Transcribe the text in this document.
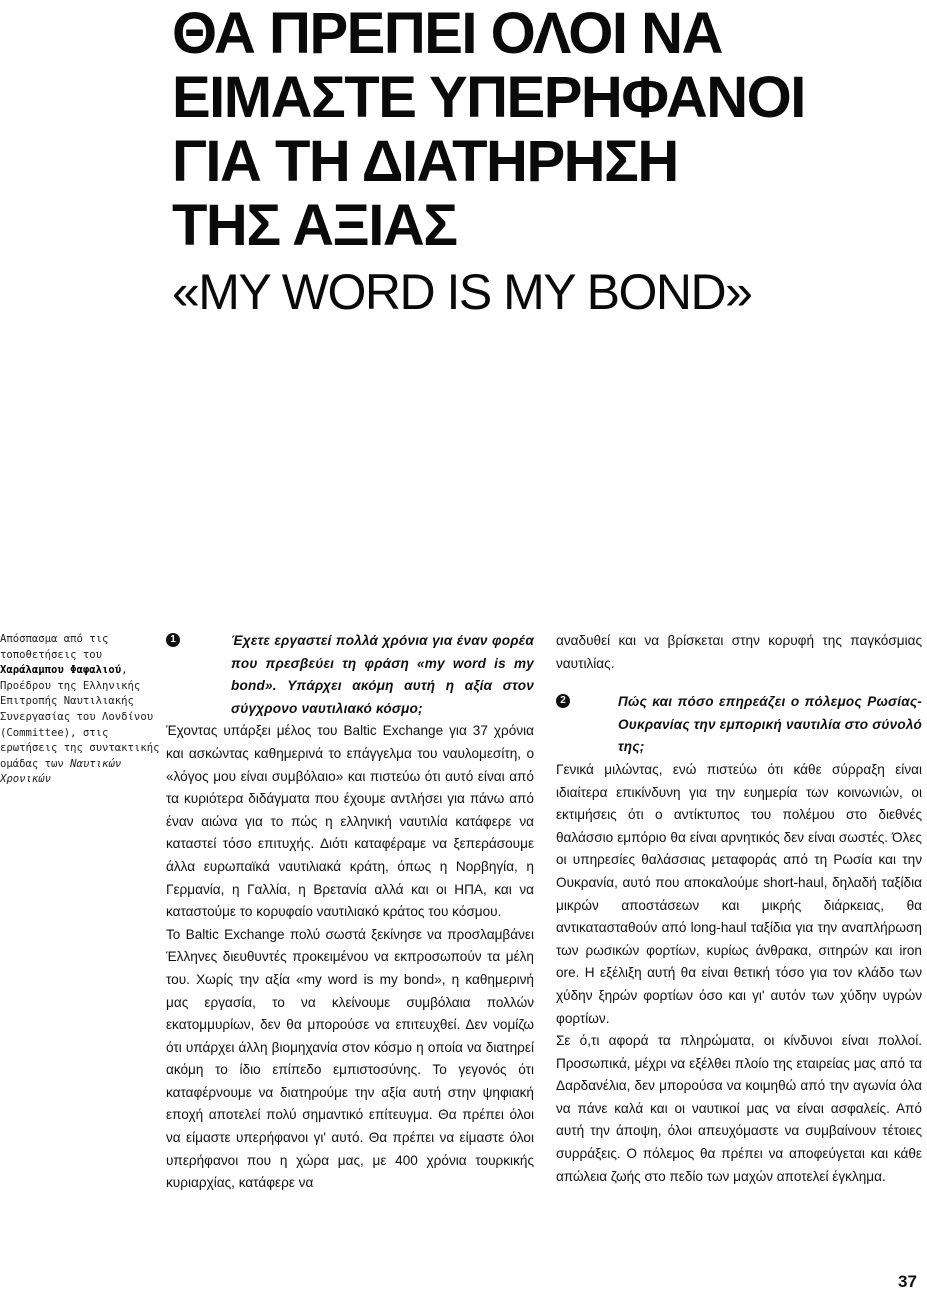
ΘΑ ΠΡΕΠΕΙ ΟΛΟΙ ΝΑ
ΕΙΜΑΣΤΕ ΥΠΕΡΗΦΑΝΟΙ
ΓΙΑ ΤΗ ΔΙΑΤΗΡΗΣΗ
ΤΗΣ ΑΞΙΑΣ
«MY WORD IS MY BOND»

Απόσπασμα από τις τοποθετήσεις του Χαράλαμπου Φαφαλιού, Προέδρου της Ελληνικής Επιτροπής Ναυτιλιακής Συνεργασίας του Λονδίνου (Committee), στις ερωτήσεις της συντακτικής ομάδας των Ναυτικών Χρονικών

1	Έχετε εργαστεί πολλά χρόνια για έναν φορέα που πρεσβεύει τη φράση «my word is my bond». Υπάρχει ακόμη αυτή η αξία στον σύγχρονο ναυτιλιακό κόσμο;

Έχοντας υπάρξει μέλος του Baltic Exchange για 37 χρόνια και ασκώντας καθημερινά το επάγγελμα του ναυλομεσίτη, ο «λόγος μου είναι συμβόλαιο» και πιστεύω ότι αυτό είναι από τα κυριότερα διδάγματα που έχουμε αντλήσει για πάνω από έναν αιώνα για το πώς η ελληνική ναυτιλία κατάφερε να καταστεί τόσο επιτυχής. Διότι καταφέραμε να ξεπεράσουμε άλλα ευρωπαϊκά ναυτιλιακά κράτη, όπως η Νορβηγία, η Γερμανία, η Γαλλία, η Βρετανία αλλά και οι ΗΠΑ, και να καταστούμε το κορυφαίο ναυτιλιακό κράτος του κόσμου.

Το Baltic Exchange πολύ σωστά ξεκίνησε να προσλαμβάνει Έλληνες διευθυντές προκειμένου να εκπροσωπούν τα μέλη του. Χωρίς την αξία «my word is my bond», η καθημερινή μας εργασία, το να κλείνουμε συμβόλαια πολλών εκατομμυρίων, δεν θα μπορούσε να επιτευχθεί. Δεν νομίζω ότι υπάρχει άλλη βιομηχανία στον κόσμο η οποία να διατηρεί ακόμη το ίδιο επίπεδο εμπιστοσύνης. Το γεγονός ότι καταφέρνουμε να διατηρούμε την αξία αυτή στην ψηφιακή εποχή αποτελεί πολύ σημαντικό επίτευγμα. Θα πρέπει όλοι να είμαστε υπερήφανοι γι' αυτό. Θα πρέπει να είμαστε όλοι υπερήφανοι που η χώρα μας, με 400 χρόνια τουρκικής κυριαρχίας, κατάφερε να

αναδυθεί και να βρίσκεται στην κορυφή της παγκόσμιας ναυτιλίας.

2	Πώς και πόσο επηρεάζει ο πόλεμος Ρωσίας-Ουκρανίας την εμπορική ναυτιλία στο σύνολό της;

Γενικά μιλώντας, ενώ πιστεύω ότι κάθε σύρραξη είναι ιδιαίτερα επικίνδυνη για την ευημερία των κοινωνιών, οι εκτιμήσεις ότι ο αντίκτυπος του πολέμου στο διεθνές θαλάσσιο εμπόριο θα είναι αρνητικός δεν είναι σωστές. Όλες οι υπηρεσίες θαλάσσιας μεταφοράς από τη Ρωσία και την Ουκρανία, αυτό που αποκαλούμε short-haul, δηλαδή ταξίδια μικρών αποστάσεων και μικρής διάρκειας, θα αντικατασταθούν από long-haul ταξίδια για την αναπλήρωση των ρωσικών φορτίων, κυρίως άνθρακα, σιτηρών και iron ore. Η εξέλιξη αυτή θα είναι θετική τόσο για τον κλάδο των χύδην ξηρών φορτίων όσο και γι' αυτόν των χύδην υγρών φορτίων.

Σε ό,τι αφορά τα πληρώματα, οι κίνδυνοι είναι πολλοί. Προσωπικά, μέχρι να εξέλθει πλοίο της εταιρείας μας από τα Δαρδανέλια, δεν μπορούσα να κοιμηθώ από την αγωνία όλα να πάνε καλά και οι ναυτικοί μας να είναι ασφαλείς. Από αυτή την άποψη, όλοι απευχόμαστε να συμβαίνουν τέτοιες συρράξεις. Ο πόλεμος θα πρέπει να αποφεύγεται και κάθε απώλεια ζωής στο πεδίο των μαχών αποτελεί έγκλημα.

37
